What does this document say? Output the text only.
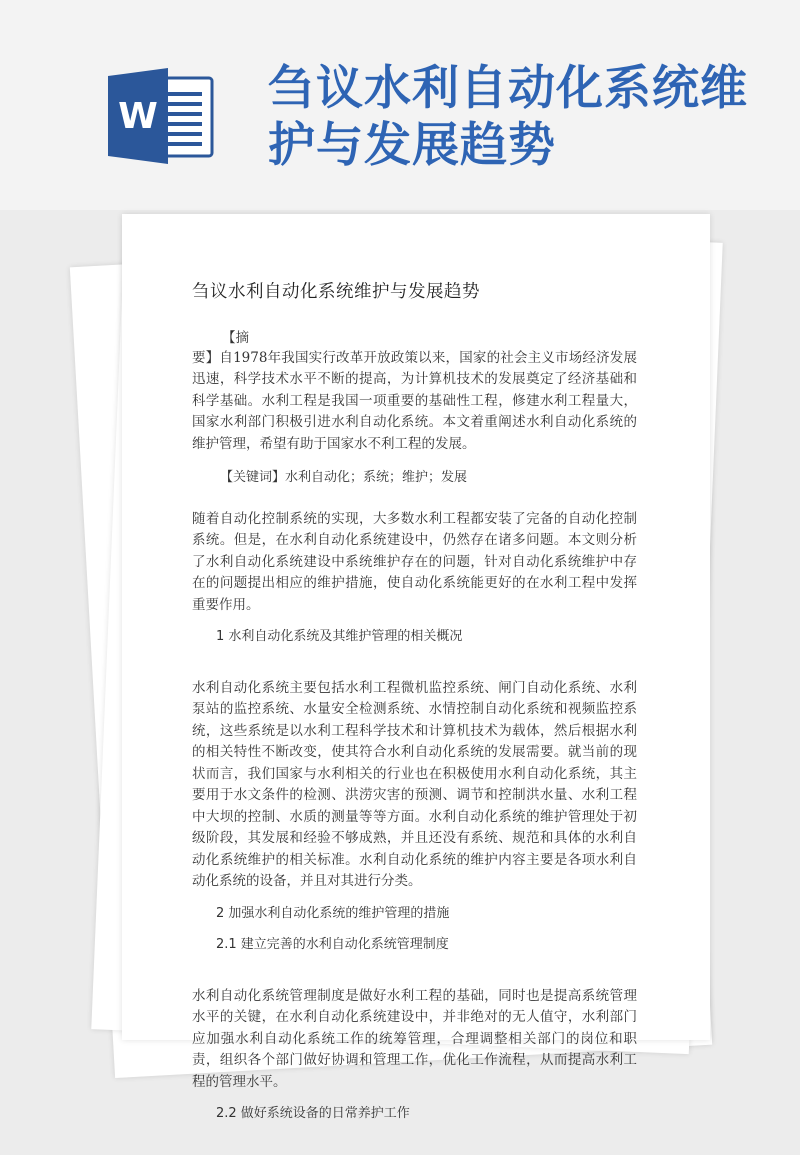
W
刍议水利自动化系统维护与发展趋势
刍议水利自动化系统维护与发展趋势

【摘

要】自1978年我国实行改革开放政策以来，国家的社会主义市场经济发展迅速，科学技术水平不断的提高，为计算机技术的发展奠定了经济基础和科学基础。水利工程是我国一项重要的基础性工程，修建水利工程量大，国家水利部门积极引进水利自动化系统。本文着重阐述水利自动化系统的维护管理，希望有助于国家水不利工程的发展。

【关键词】水利自动化；系统；维护；发展

随着自动化控制系统的实现，大多数水利工程都安装了完备的自动化控制系统。但是，在水利自动化系统建设中，仍然存在诸多问题。本文则分析了水利自动化系统建设中系统维护存在的问题，针对自动化系统维护中存在的问题提出相应的维护措施，使自动化系统能更好的在水利工程中发挥重要作用。

1 水利自动化系统及其维护管理的相关概况

水利自动化系统主要包括水利工程微机监控系统、闸门自动化系统、水利泵站的监控系统、水量安全检测系统、水情控制自动化系统和视频监控系统，这些系统是以水利工程科学技术和计算机技术为载体，然后根据水利的相关特性不断改变，使其符合水利自动化系统的发展需要。就当前的现状而言，我们国家与水利相关的行业也在积极使用水利自动化系统，其主要用于水文条件的检测、洪涝灾害的预测、调节和控制洪水量、水利工程中大坝的控制、水质的测量等等方面。水利自动化系统的维护管理处于初级阶段，其发展和经验不够成熟，并且还没有系统、规范和具体的水利自动化系统维护的相关标准。水利自动化系统的维护内容主要是各项水利自动化系统的设备，并且对其进行分类。

2 加强水利自动化系统的维护管理的措施

2.1 建立完善的水利自动化系统管理制度

水利自动化系统管理制度是做好水利工程的基础，同时也是提高系统管理水平的关键，在水利自动化系统建设中，并非绝对的无人值守，水利部门应加强水利自动化系统工作的统筹管理，合理调整相关部门的岗位和职责，组织各个部门做好协调和管理工作，优化工作流程，从而提高水利工程的管理水平。

2.2 做好系统设备的日常养护工作
